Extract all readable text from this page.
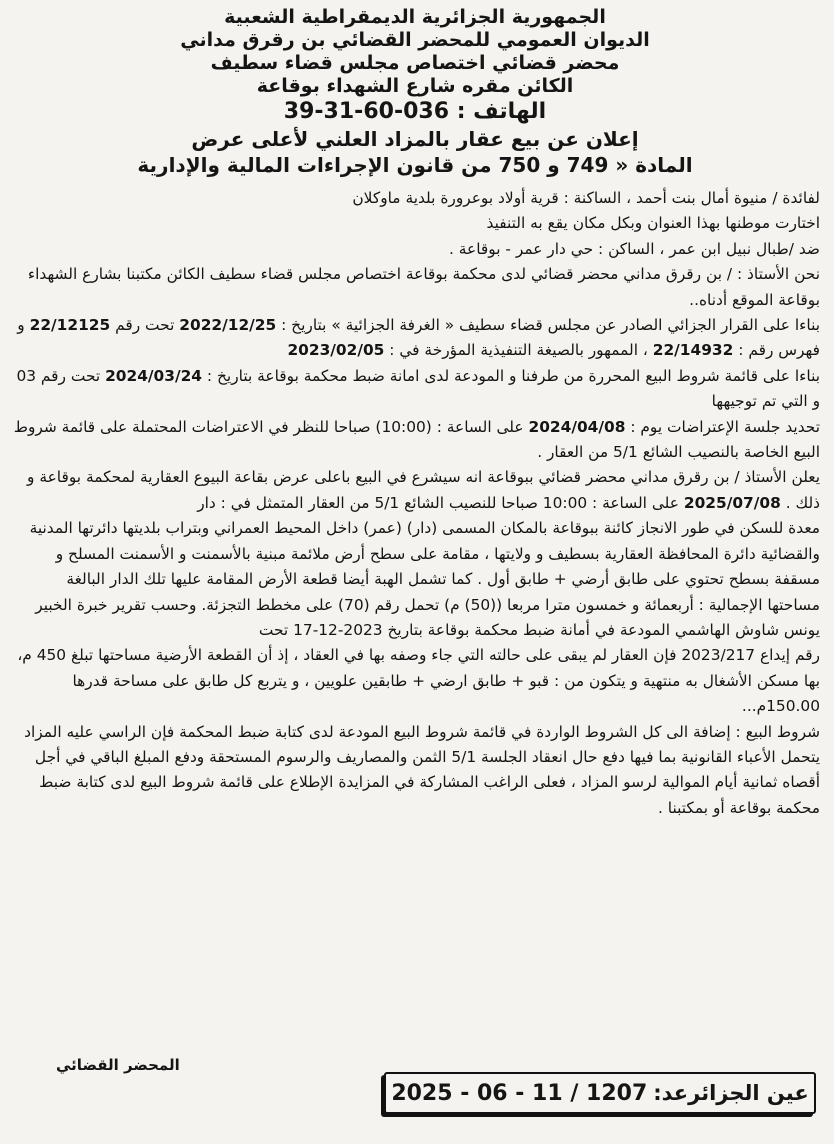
الجمهورية الجزائرية الديمقراطية الشعبية
الديوان العمومي للمحضر القضائي بن رقرق مداني
محضر قضائي اختصاص مجلس قضاء سطيف
الكائن مقره شارع الشهداء بوقاعة
الهاتف : 036-60-31-39
إعلان عن بيع عقار بالمزاد العلني لأعلى عرض
المادة « 749 و 750 من قانون الإجراءات المالية والإدارية

لفائدة / منيوة أمال بنت أحمد ، الساكنة : قرية أولاد بوعرورة بلدية ماوكلان

اختارت موطنها بهذا العنوان وبكل مكان يقع به التنفيذ

ضد /طبال نبيل ابن عمر ، الساكن : حي دار عمر - بوقاعة .

نحن الأستاذ : / بن رقرق مداني محضر قضائي لدى محكمة بوقاعة اختصاص مجلس قضاء سطيف الكائن مكتبنا بشارع الشهداء بوقاعة الموقع أدناه..

بناءا على القرار الجزائي الصادر عن مجلس قضاء سطيف « الغرفة الجزائية » بتاريخ : 2022/12/25 تحت رقم 22/12125 و فهرس رقم : 22/14932 ، الممهور بالصيغة التنفيذية المؤرخة في : 2023/02/05

بناءا على قائمة شروط البيع المحررة من طرفنا و المودعة لدى امانة ضبط محكمة بوقاعة بتاريخ : 2024/03/24 تحت رقم 03 و التي تم توجيهها

تحديد جلسة الإعتراضات يوم : 2024/04/08 على الساعة : (10:00) صباحا للنظر في الاعتراضات المحتملة على قائمة شروط البيع الخاصة بالنصيب الشائع 5/1 من العقار .

يعلن الأستاذ / بن رقرق مداني محضر قضائي ببوقاعة انه سيشرع في البيع باعلى عرض بقاعة البيوع العقارية لمحكمة بوقاعة و ذلك . 2025/07/08 على الساعة : 10:00 صباحا للنصيب الشائع 5/1 من العقار المتمثل في : دار

معدة للسكن في طور الانجاز كائنة ببوقاعة بالمكان المسمى (دار) (عمر) داخل المحيط العمراني وبتراب بلديتها دائرتها المدنية والقضائية دائرة المحافظة العقارية بسطيف و ولايتها ، مقامة على سطح أرض ملائمة مبنية بالأسمنت و الأسمنت المسلح و مسقفة بسطح تحتوي على طابق أرضي + طابق أول . كما تشمل الهبة أيضا قطعة الأرض المقامة عليها تلك الدار البالغة مساحتها الإجمالية : أربعمائة و خمسون مترا مربعا ((50) م) تحمل رقم (70) على مخطط التجزئة. وحسب تقرير خبرة الخبير يونس شاوش الهاشمي المودعة في أمانة ضبط محكمة بوقاعة بتاريخ 2023-12-17 تحت

رقم إيداع 2023/217 فإن العقار لم يبقى على حالته التي جاء وصفه بها في العقاد ، إذ أن القطعة الأرضية مساحتها تبلغ 450 م، بها مسكن الأشغال به منتهية و يتكون من : قبو + طابق ارضي + طابقين علويين ، و يتربع كل طابق على مساحة قدرها 150.00م...

شروط البيع : إضافة الى كل الشروط الواردة في قائمة شروط البيع المودعة لدى كتابة ضبط المحكمة فإن الراسي عليه المزاد يتحمل الأعباء القانونية بما فيها دفع حال انعقاد الجلسة 5/1 الثمن والمصاريف والرسوم المستحقة ودفع المبلغ الباقي في أجل أقصاه ثمانية أيام الموالية لرسو المزاد ، فعلى الراغب المشاركة في المزايدة الإطلاع على قائمة شروط البيع لدى كتابة ضبط محكمة بوقاعة أو بمكتبنا .

المحضر القضائي
عين الجزائرعد:
2025 - 06 - 11 / 1207
